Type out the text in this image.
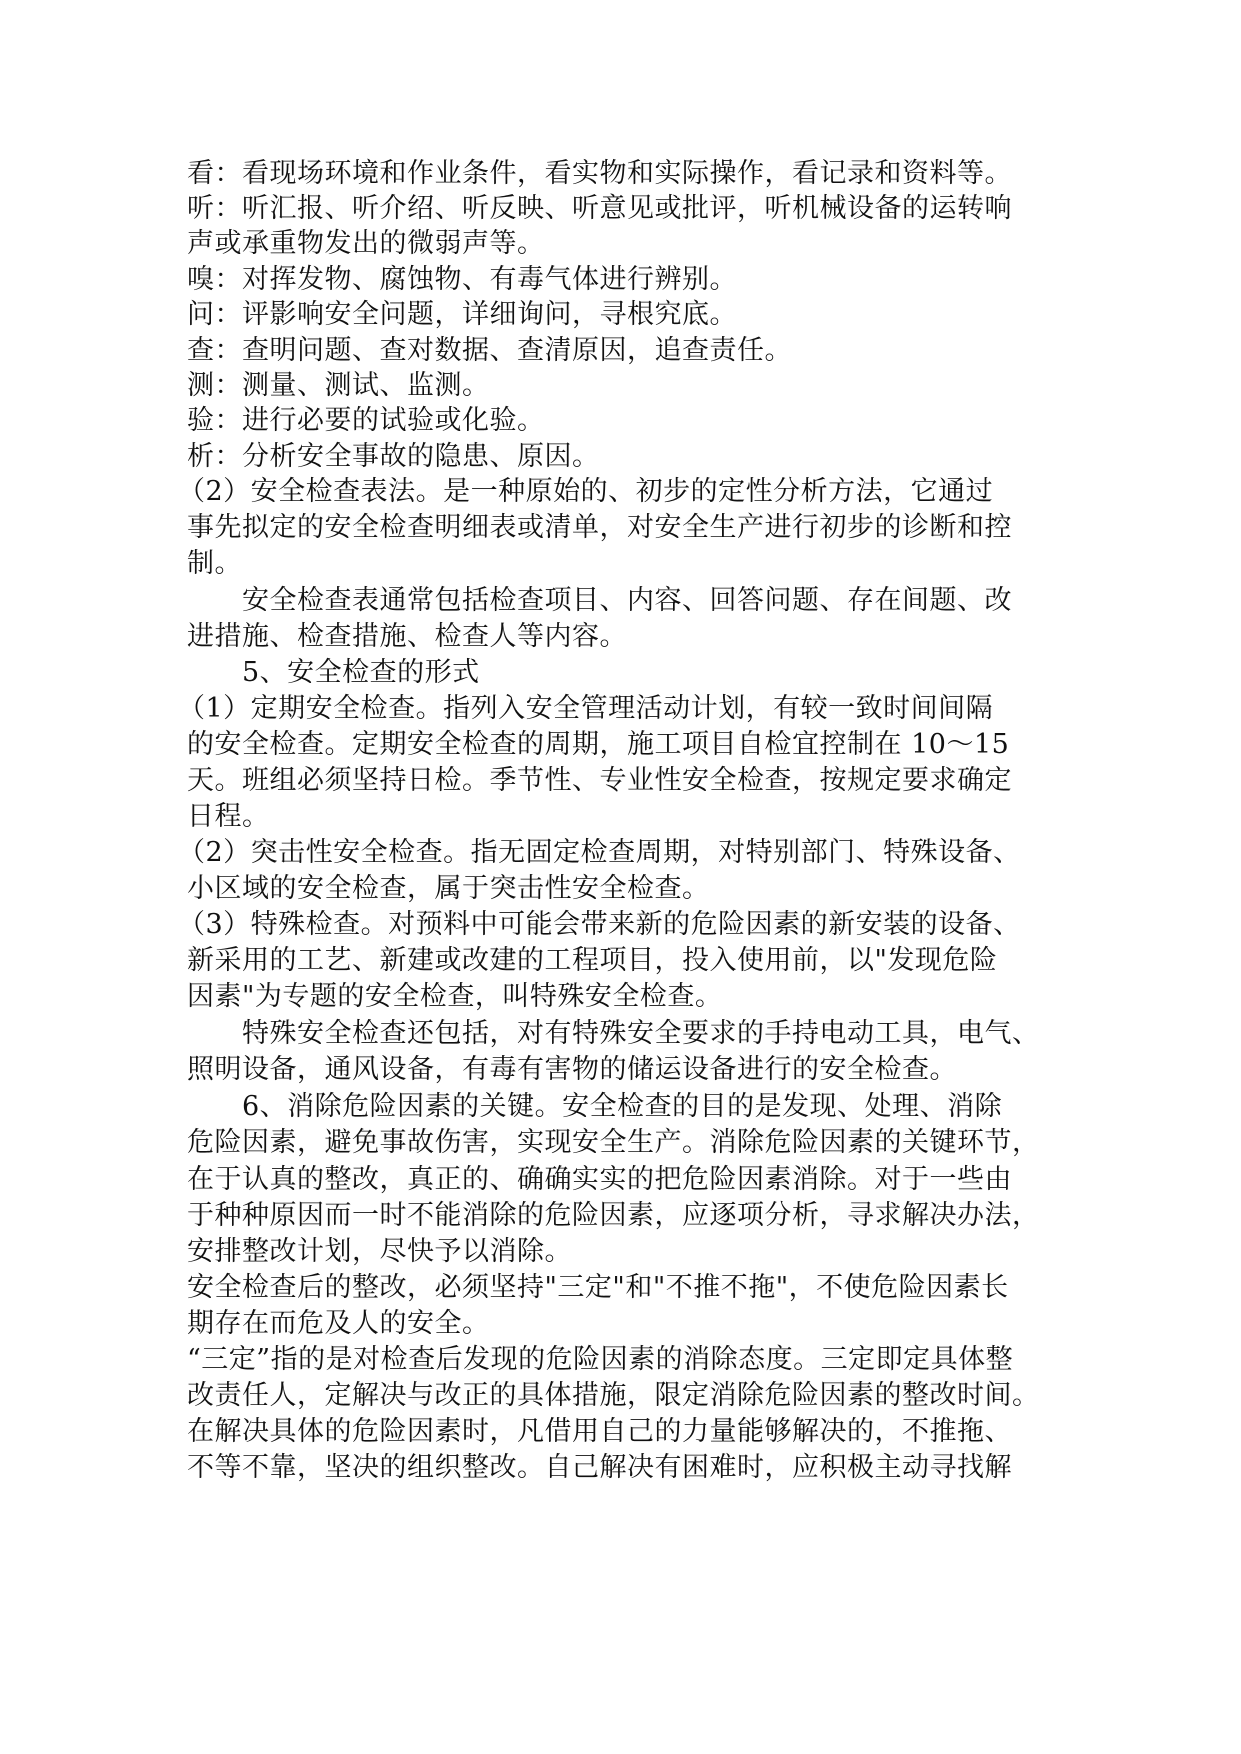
看：看现场环境和作业条件，看实物和实际操作，看记录和资料等。
听：听汇报、听介绍、听反映、听意见或批评，听机械设备的运转响
声或承重物发出的微弱声等。
嗅：对挥发物、腐蚀物、有毒气体进行辨别。
问：评影响安全问题，详细询问，寻根究底。
查：查明问题、查对数据、查清原因，追查责任。
测：测量、测试、监测。
验：进行必要的试验或化验。
析：分析安全事故的隐患、原因。
（2）安全检查表法。是一种原始的、初步的定性分析方法，它通过
事先拟定的安全检查明细表或清单，对安全生产进行初步的诊断和控
制。
安全检查表通常包括检查项目、内容、回答问题、存在间题、改
进措施、检查措施、检查人等内容。
5、安全检查的形式
（1）定期安全检查。指列入安全管理活动计划，有较一致时间间隔
的安全检查。定期安全检查的周期，施工项目自检宜控制在 10～15
天。班组必须坚持日检。季节性、专业性安全检查，按规定要求确定
日程。
（2）突击性安全检查。指无固定检查周期，对特别部门、特殊设备、
小区域的安全检查，属于突击性安全检查。
（3）特殊检查。对预料中可能会带来新的危险因素的新安装的设备、
新采用的工艺、新建或改建的工程项目，投入使用前，以"发现危险
因素"为专题的安全检查，叫特殊安全检查。
特殊安全检查还包括，对有特殊安全要求的手持电动工具，电气、
照明设备，通风设备，有毒有害物的储运设备进行的安全检查。
6、消除危险因素的关键。安全检查的目的是发现、处理、消除
危险因素，避免事故伤害，实现安全生产。消除危险因素的关键环节，
在于认真的整改，真正的、确确实实的把危险因素消除。对于一些由
于种种原因而一时不能消除的危险因素，应逐项分析，寻求解决办法，
安排整改计划，尽快予以消除。
安全检查后的整改，必须坚持"三定"和"不推不拖"，不使危险因素长
期存在而危及人的安全。
“三定”指的是对检查后发现的危险因素的消除态度。三定即定具体整
改责任人，定解决与改正的具体措施，限定消除危险因素的整改时间。
在解决具体的危险因素时，凡借用自己的力量能够解决的，不推拖、
不等不靠，坚决的组织整改。自己解决有困难时，应积极主动寻找解
